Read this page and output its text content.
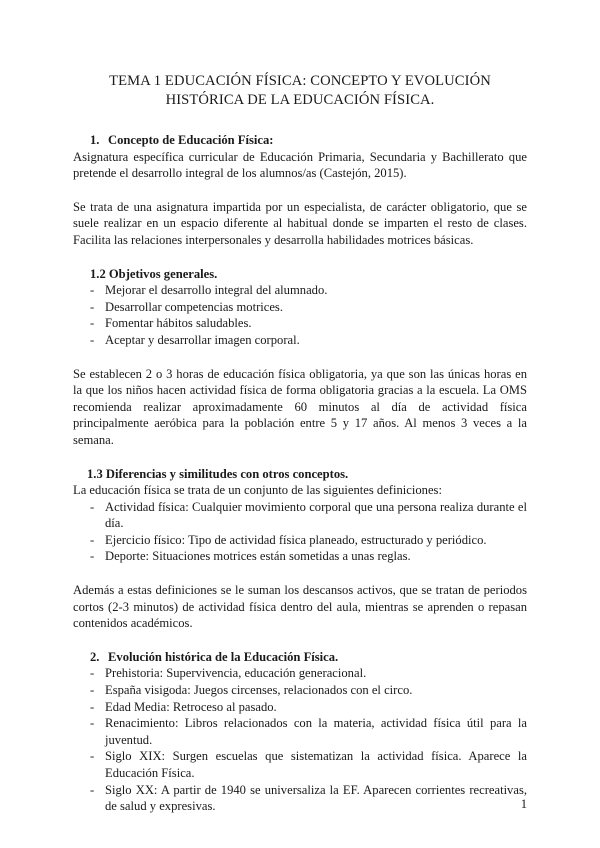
TEMA 1 EDUCACIÓN FÍSICA: CONCEPTO Y EVOLUCIÓN HISTÓRICA DE LA EDUCACIÓN FÍSICA.
1. Concepto de Educación Física:

Asignatura específica curricular de Educación Primaria, Secundaria y Bachillerato que pretende el desarrollo integral de los alumnos/as (Castejón, 2015).

Se trata de una asignatura impartida por un especialista, de carácter obligatorio, que se suele realizar en un espacio diferente al habitual donde se imparten el resto de clases. Facilita las relaciones interpersonales y desarrolla habilidades motrices básicas.

1.2 Objetivos generales.
- Mejorar el desarrollo integral del alumnado.
- Desarrollar competencias motrices.
- Fomentar hábitos saludables.
- Aceptar y desarrollar imagen corporal.

Se establecen 2 o 3 horas de educación física obligatoria, ya que son las únicas horas en la que los niños hacen actividad física de forma obligatoria gracias a la escuela. La OMS recomienda realizar aproximadamente 60 minutos al día de actividad física principalmente aeróbica para la población entre 5 y 17 años. Al menos 3 veces a la semana.

1.3 Diferencias y similitudes con otros conceptos.

La educación física se trata de un conjunto de las siguientes definiciones:

- Actividad física: Cualquier movimiento corporal que una persona realiza durante el día.
- Ejercicio físico: Tipo de actividad física planeado, estructurado y periódico.
- Deporte: Situaciones motrices están sometidas a unas reglas.

Además a estas definiciones se le suman los descansos activos, que se tratan de periodos cortos (2-3 minutos) de actividad física dentro del aula, mientras se aprenden o repasan contenidos académicos.

2. Evolución histórica de la Educación Física.
- Prehistoria: Supervivencia, educación generacional.
- España visigoda: Juegos circenses, relacionados con el circo.
- Edad Media: Retroceso al pasado.
- Renacimiento: Libros relacionados con la materia, actividad física útil para la juventud.
- Siglo XIX: Surgen escuelas que sistematizan la actividad física. Aparece la Educación Física.
- Siglo XX: A partir de 1940 se universaliza la EF. Aparecen corrientes recreativas, de salud y expresivas.	1
